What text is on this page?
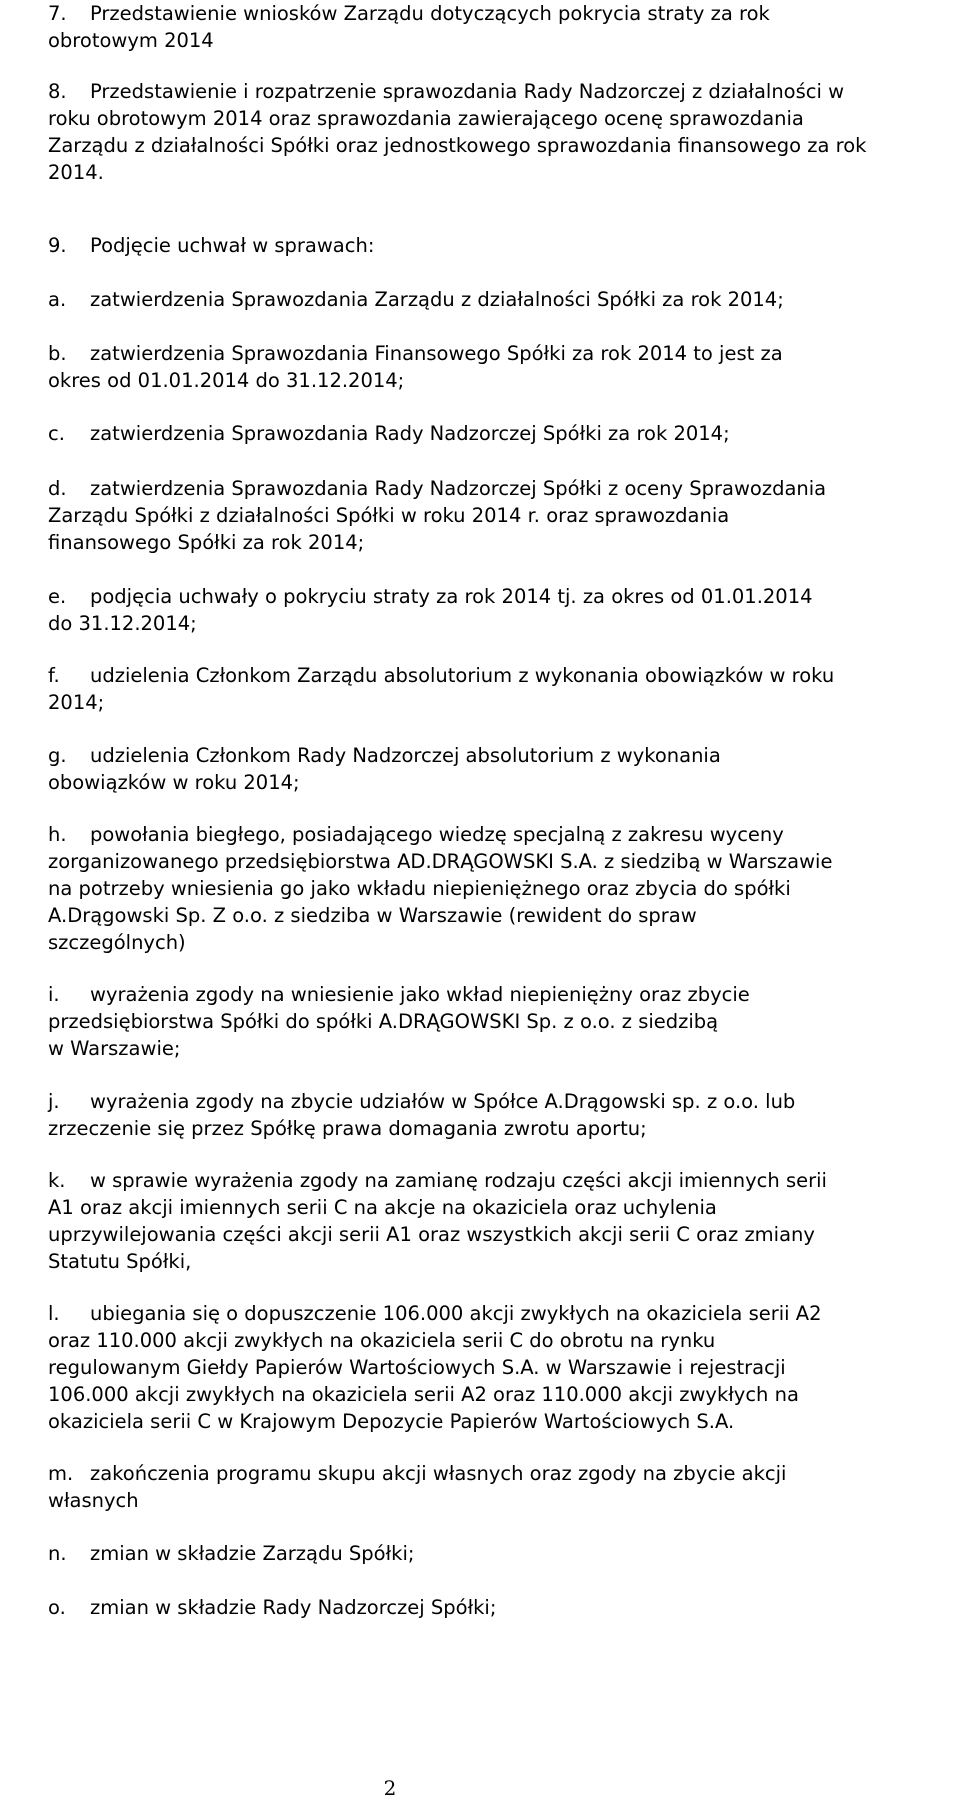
7. Przedstawienie wniosków Zarządu dotyczących pokrycia straty za rok
obrotowym 2014
8. Przedstawienie i rozpatrzenie sprawozdania Rady Nadzorczej z działalności w
roku obrotowym 2014 oraz sprawozdania zawierającego ocenę sprawozdania
Zarządu z działalności Spółki oraz jednostkowego sprawozdania finansowego za rok
2014.
9. Podjęcie uchwał w sprawach:
a. zatwierdzenia Sprawozdania Zarządu z działalności Spółki za rok 2014;
b. zatwierdzenia Sprawozdania Finansowego Spółki za rok 2014 to jest za
okres od 01.01.2014 do 31.12.2014;
c. zatwierdzenia Sprawozdania Rady Nadzorczej Spółki za rok 2014;
d. zatwierdzenia Sprawozdania Rady Nadzorczej Spółki z oceny Sprawozdania
Zarządu Spółki z działalności Spółki w roku 2014 r. oraz sprawozdania
finansowego Spółki za rok 2014;
e. podjęcia uchwały o pokryciu straty za rok 2014 tj. za okres od 01.01.2014
do 31.12.2014;
f. udzielenia Członkom Zarządu absolutorium z wykonania obowiązków w roku
2014;
g. udzielenia Członkom Rady Nadzorczej absolutorium z wykonania
obowiązków w roku 2014;
h. powołania biegłego, posiadającego wiedzę specjalną z zakresu wyceny
zorganizowanego przedsiębiorstwa AD.DRĄGOWSKI S.A. z siedzibą w Warszawie
na potrzeby wniesienia go jako wkładu niepieniężnego oraz zbycia do spółki
A.Drągowski Sp. Z o.o. z siedziba w Warszawie (rewident do spraw
szczególnych)
i. wyrażenia zgody na wniesienie jako wkład niepieniężny oraz zbycie
przedsiębiorstwa Spółki do spółki A.DRĄGOWSKI Sp. z o.o. z siedzibą
w Warszawie;
j. wyrażenia zgody na zbycie udziałów w Spółce A.Drągowski sp. z o.o. lub
zrzeczenie się przez Spółkę prawa domagania zwrotu aportu;
k. w sprawie wyrażenia zgody na zamianę rodzaju części akcji imiennych serii
A1 oraz akcji imiennych serii C na akcje na okaziciela oraz uchylenia
uprzywilejowania części akcji serii A1 oraz wszystkich akcji serii C oraz zmiany
Statutu Spółki,
l. ubiegania się o dopuszczenie 106.000 akcji zwykłych na okaziciela serii A2
oraz 110.000 akcji zwykłych na okaziciela serii C do obrotu na rynku
regulowanym Giełdy Papierów Wartościowych S.A. w Warszawie i rejestracji
106.000 akcji zwykłych na okaziciela serii A2 oraz 110.000 akcji zwykłych na
okaziciela serii C w Krajowym Depozycie Papierów Wartościowych S.A.
m. zakończenia programu skupu akcji własnych oraz zgody na zbycie akcji
własnych
n. zmian w składzie Zarządu Spółki;
o. zmian w składzie Rady Nadzorczej Spółki;
2
